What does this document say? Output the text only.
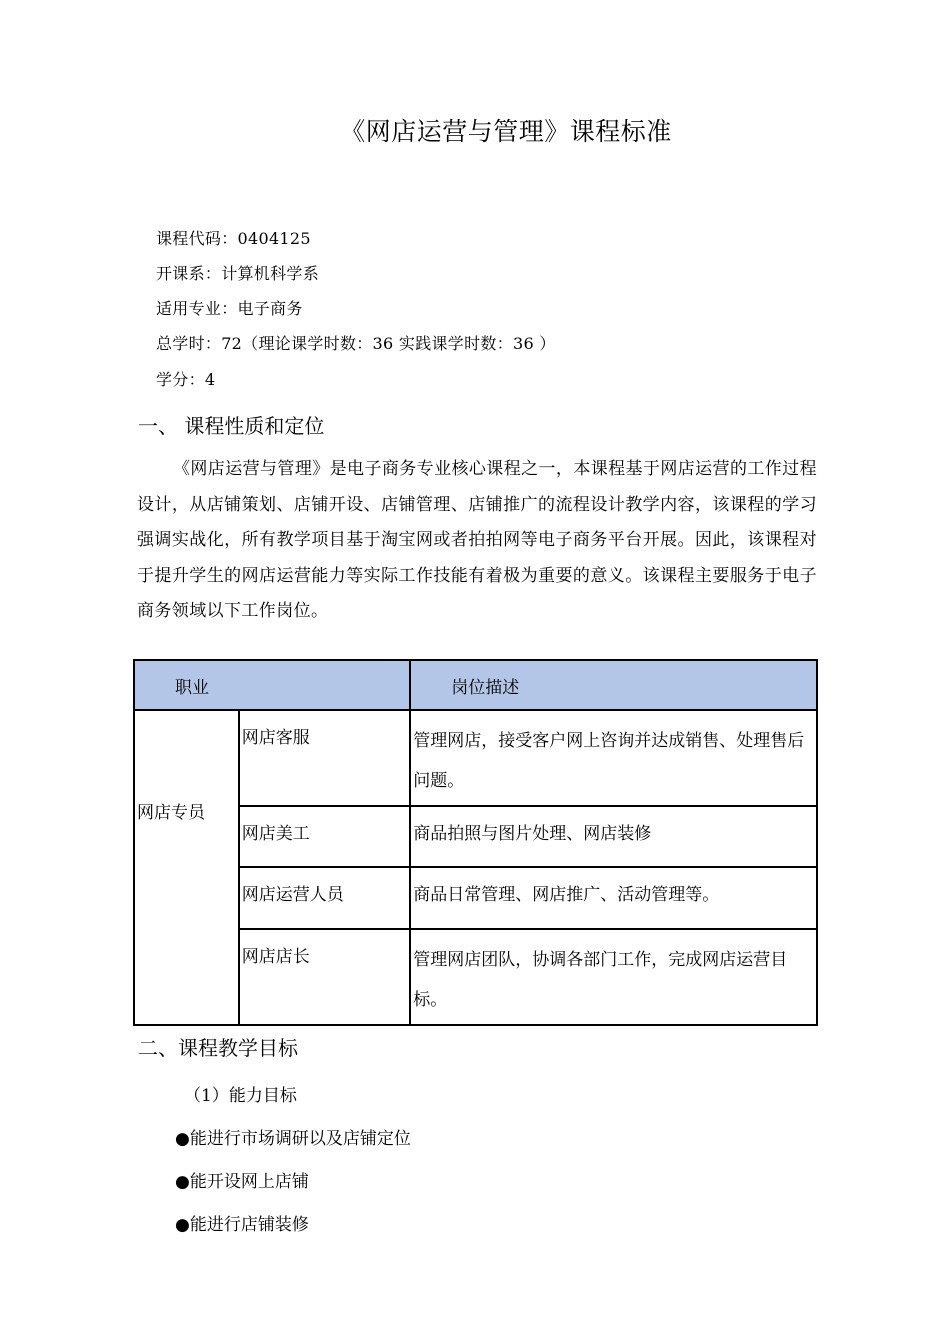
《网店运营与管理》课程标准
课程代码：0404125
开课系：计算机科学系
适用专业：电子商务
总学时：72（理论课学时数：36 实践课学时数：36 ）
学分：4
一、 课程性质和定位
《网店运营与管理》是电子商务专业核心课程之一，本课程基于网店运营的工作过程设计，从店铺策划、店铺开设、店铺管理、店铺推广的流程设计教学内容，该课程的学习强调实战化，所有教学项目基于淘宝网或者拍拍网等电子商务平台开展。因此，该课程对于提升学生的网店运营能力等实际工作技能有着极为重要的意义。该课程主要服务于电子商务领域以下工作岗位。
职业		岗位描述

网店专员	网店客服	管理网店，接受客户网上咨询并达成销售、处理售后问题。

	网店美工	商品拍照与图片处理、网店装修

	网店运营人员	商品日常管理、网店推广、活动管理等。

	网店店长	管理网店团队，协调各部门工作，完成网店运营目标。
二、课程教学目标
（1）能力目标
●能进行市场调研以及店铺定位
●能开设网上店铺
●能进行店铺装修
